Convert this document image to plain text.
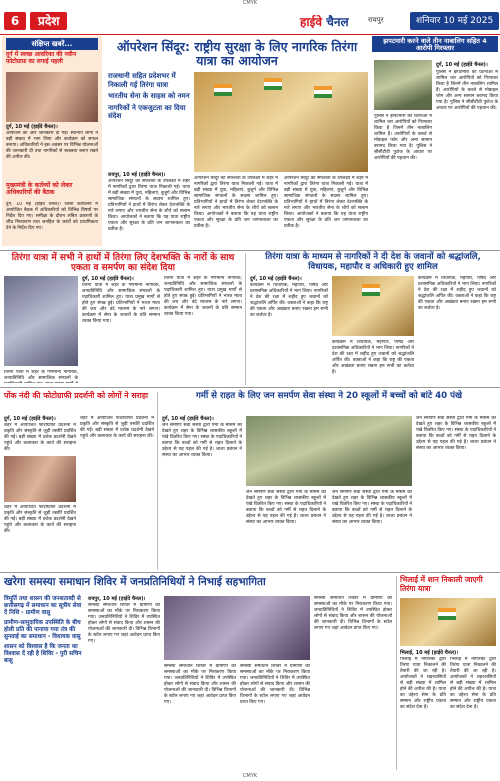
CMYK
6	प्रदेश	हाईवे चैनल	रायपुर	शनिवार 10 मई 2025
संक्षिप्त खबरें...
दुर्ग में स्वच्छ आवरिका की नवीन फ़ोटोग्राफ़ का लगाई पहली
दुर्ग, 10 मई (हाईवे चैनल)।
आयोजन की ओर जानकारी दी गई। स्थानीय लोगों ने बड़ी संख्या में भाग लिया और कार्यक्रम को सफल बनाया। अधिकारियों ने इस अवसर पर विभिन्न योजनाओं की जानकारी दी तथा नागरिकों से स्वच्छता बनाए रखने की अपील की।
मुख्यमंत्री के कर्तव्यों को लेकर अधिकारियों की बैठक
दुर्ग, 10 मई (हाईवे चैनल)। जिला कार्यालय में आयोजित बैठक में अधिकारियों को विभिन्न विषयों पर निर्देश दिए गए। समीक्षा के दौरान लंबित प्रकरणों के शीघ्र निराकरण तथा जनहित के कार्यों को प्राथमिकता देने के निर्देश दिए गए।
ऑपरेशन सिंदूर: राष्ट्रीय सुरक्षा के लिए नागरिक तिरंगा यात्रा का आयोजन
राजधानी सहित प्रदेशभर में निकाली गई तिरंगा यात्रा
भारतीय सेना के साहस को नमन
नागरिकों ने एकजुटता का दिया संदेश
रायपुर, 10 मई (हाईवे चैनल)।
ऑपरेशन सिंदूर की सफलता के उपलक्ष्य में शहर में नागरिकों द्वारा तिरंगा यात्रा निकाली गई। यात्रा में बड़ी संख्या में युवा, महिलाएं, बुजुर्ग और विभिन्न सामाजिक संगठनों के सदस्य शामिल हुए। प्रतिभागियों ने हाथों में तिरंगा लेकर देशभक्ति के नारे लगाए और भारतीय सेना के शौर्य को सलाम किया। आयोजकों ने बताया कि यह यात्रा राष्ट्रीय एकता और सुरक्षा के प्रति जन जागरूकता का प्रतीक है।
ऑपरेशन सिंदूर की सफलता के उपलक्ष्य में शहर में नागरिकों द्वारा तिरंगा यात्रा निकाली गई। यात्रा में बड़ी संख्या में युवा, महिलाएं, बुजुर्ग और विभिन्न सामाजिक संगठनों के सदस्य शामिल हुए। प्रतिभागियों ने हाथों में तिरंगा लेकर देशभक्ति के नारे लगाए और भारतीय सेना के शौर्य को सलाम किया। आयोजकों ने बताया कि यह यात्रा राष्ट्रीय एकता और सुरक्षा के प्रति जन जागरूकता का प्रतीक है।
ऑपरेशन सिंदूर की सफलता के उपलक्ष्य में शहर में नागरिकों द्वारा तिरंगा यात्रा निकाली गई। यात्रा में बड़ी संख्या में युवा, महिलाएं, बुजुर्ग और विभिन्न सामाजिक संगठनों के सदस्य शामिल हुए। प्रतिभागियों ने हाथों में तिरंगा लेकर देशभक्ति के नारे लगाए और भारतीय सेना के शौर्य को सलाम किया। आयोजकों ने बताया कि यह यात्रा राष्ट्रीय एकता और सुरक्षा के प्रति जन जागरूकता का प्रतीक है।
झपटमारी करने वाले तीन नाबालिग सहित 4 आरोपी गिरफ्तार
दुर्ग, 10 मई (हाईवे चैनल)।
पुलिस ने झपटमारी की घटनाओं में शामिल चार आरोपियों को गिरफ्तार किया है जिनमें तीन नाबालिग शामिल हैं। आरोपियों के कब्जे से मोबाइल फोन और अन्य सामान बरामद किया गया है। पुलिस ने सीसीटीवी फुटेज के आधार पर आरोपियों की पहचान की।
पुलिस ने झपटमारी की घटनाओं में शामिल चार आरोपियों को गिरफ्तार किया है जिनमें तीन नाबालिग शामिल हैं। आरोपियों के कब्जे से मोबाइल फोन और अन्य सामान बरामद किया गया है। पुलिस ने सीसीटीवी फुटेज के आधार पर आरोपियों की पहचान की।
तिरंगा यात्रा में सभी ने हाथों में तिरंगा लिए देशभक्ति के नारों के साथ एकता व समर्पण का संदेश दिया
दुर्ग, 10 मई (हाईवे चैनल)।
तिरंगा यात्रा में शहर के गणमान्य नागरिक, जनप्रतिनिधि और सामाजिक संगठनों के पदाधिकारी शामिल हुए। यात्रा प्रमुख मार्गों से होते हुए संपन्न हुई। प्रतिभागियों ने भारत माता की जय और वंदे मातरम के नारे लगाए। कार्यक्रम में सेना के जवानों के प्रति सम्मान व्यक्त किया गया।
तिरंगा यात्रा में शहर के गणमान्य नागरिक, जनप्रतिनिधि और सामाजिक संगठनों के पदाधिकारी शामिल हुए। यात्रा प्रमुख मार्गों से होते हुए संपन्न हुई। प्रतिभागियों ने भारत माता की जय और वंदे मातरम के नारे लगाए। कार्यक्रम में सेना के जवानों के प्रति सम्मान व्यक्त किया गया।
तिरंगा यात्रा में शहर के गणमान्य नागरिक, जनप्रतिनिधि और सामाजिक संगठनों के
तिरंगा यात्रा के माध्यम से नागरिकों ने दी देश के जवानों को श्रद्धांजलि, विधायक, महापौर व अधिकारी हुए शामिल
दुर्ग, 10 मई (हाईवे चैनल)।
कार्यक्रम में विधायक, महापौर, पार्षद और प्रशासनिक अधिकारियों ने भाग लिया। नागरिकों ने देश की रक्षा में शहीद हुए जवानों को श्रद्धांजलि अर्पित की। वक्ताओं ने कहा कि राष्ट्र की एकता और अखंडता बनाए रखना हम सभी का कर्तव्य है।
कार्यक्रम में विधायक, महापौर, पार्षद और प्रशासनिक अधिकारियों ने भाग लिया। नागरिकों ने देश की रक्षा में शहीद हुए जवानों को श्रद्धांजलि अर्पित की। वक्ताओं ने कहा कि राष्ट्र की एकता और अखंडता बनाए रखना हम सभी का कर्तव्य है।
कार्यक्रम में विधायक, महापौर, पार्षद और प्रशासनिक अधिकारियों ने भाग लिया। नागरिकों ने देश की रक्षा में शहीद हुए जवानों को श्रद्धांजलि अर्पित की। वक्ताओं ने कहा कि राष्ट्र की एकता और अखंडता बनाए रखना हम सभी का कर्तव्य है।
पोंक नंदी की फोटोग्राफी प्रदर्शनी को लोगों ने सराहा
दुर्ग, 10 मई (हाईवे चैनल)।
शहर में आयोजित फोटोग्राफी प्रदर्शनी में प्रकृति और संस्कृति से जुड़ी तस्वीरें प्रदर्शित की गईं। बड़ी संख्या में दर्शक प्रदर्शनी देखने पहुंचे और कलाकार के कार्य की सराहना की।
शहर में आयोजित फोटोग्राफी प्रदर्शनी में प्रकृति और संस्कृति से जुड़ी तस्वीरें प्रदर्शित की गईं। बड़ी संख्या में दर्शक प्रदर्शनी देखने पहुंचे और कलाकार के कार्य की सराहना की।
शहर में आयोजित फोटोग्राफी प्रदर्शनी में प्रकृति और संस्कृति से जुड़ी तस्वीरें प्रदर्शित की गईं। बड़ी संख्या में दर्शक प्रदर्शनी देखने पहुंचे और कलाकार के कार्य की सराहना की।
गर्मी से राहत के लिए जन समर्पण सेवा संस्था ने 20 स्कूलों में बच्चों को बांटे 40 पंखे
दुर्ग, 10 मई (हाईवे चैनल)।
जन समर्पण सेवा संस्था द्वारा गर्मी के मौसम को देखते हुए शहर के विभिन्न शासकीय स्कूलों में पंखे वितरित किए गए। संस्था के पदाधिकारियों ने बताया कि बच्चों को गर्मी से राहत दिलाने के उद्देश्य से यह पहल की गई है। शाला प्रबंधन ने संस्था का आभार व्यक्त किया।
जन समर्पण सेवा संस्था द्वारा गर्मी के मौसम को देखते हुए शहर के विभिन्न शासकीय स्कूलों में पंखे वितरित किए गए। संस्था के पदाधिकारियों ने बताया कि बच्चों को गर्मी से राहत दिलाने के उद्देश्य से यह पहल की गई है। शाला प्रबंधन ने संस्था का आभार व्यक्त किया।
जन समर्पण सेवा संस्था द्वारा गर्मी के मौसम को देखते हुए शहर के विभिन्न शासकीय स्कूलों में पंखे वितरित किए गए। संस्था के पदाधिकारियों ने बताया कि बच्चों को गर्मी से राहत दिलाने के उद्देश्य से यह पहल की गई है। शाला प्रबंधन ने संस्था का आभार व्यक्त किया।
जन समर्पण सेवा संस्था द्वारा गर्मी के मौसम को देखते हुए शहर के विभिन्न शासकीय स्कूलों में पंखे वितरित किए गए। संस्था के पदाधिकारियों ने बताया कि बच्चों को गर्मी से राहत दिलाने के उद्देश्य से यह पहल की गई है। शाला प्रबंधन ने संस्था का आभार व्यक्त किया।
खरेगा समस्या समाधान शिविर में जनप्रतिनिधियों ने निभाई सहभागिता
त्रिमूर्ति तथा शासन की जनशताब्दी से छत्तीसगढ़ में समाधान का सूत्रीय सेवा दें निशि - ग्रामीण वासु
ग्रामीण-सामुदायिक उपस्थिति के बीच होली प्रति की पानाया गया तंत्र की सुनवाई का समाधान - विधायक वासु
शासन को विश्वास है कि जनता का विश्वास दें रही है शिविर - पुरी सचिन बासु
रायपुर, 10 मई (हाईवे चैनल)।
समस्या समाधान शिविर में ग्रामीणों की समस्याओं का मौके पर निराकरण किया गया। जनप्रतिनिधियों ने शिविर में उपस्थित होकर लोगों से संवाद किया और शासन की योजनाओं की जानकारी दी। विभिन्न विभागों के स्टॉल लगाए गए जहां आवेदन प्राप्त किए गए।
समस्या समाधान शिविर में ग्रामीणों की समस्याओं का मौके पर निराकरण किया गया। जनप्रतिनिधियों ने शिविर में उपस्थित होकर लोगों से संवाद किया और शासन की योजनाओं की जानकारी दी। विभिन्न विभागों के स्टॉल लगाए गए जहां आवेदन प्राप्त किए गए।
समस्या समाधान शिविर में ग्रामीणों की समस्याओं का मौके पर निराकरण किया गया। जनप्रतिनिधियों ने शिविर में उपस्थित होकर लोगों से संवाद किया और शासन की योजनाओं की जानकारी दी। विभिन्न विभागों के स्टॉल लगाए गए जहां आवेदन प्राप्त किए गए।
समस्या समाधान शिविर में ग्रामीणों की समस्याओं का मौके पर निराकरण किया गया। जनप्रतिनिधियों ने शिविर में उपस्थित होकर लोगों से संवाद किया और शासन की योजनाओं की जानकारी दी। विभिन्न विभागों के स्टॉल लगाए गए जहां आवेदन प्राप्त किए गए।
भिलाई में शान निकाली जाएगी तिरंगा यात्रा
भिलाई, 10 मई (हाईवे चैनल)।
भिलाई में नागरिकों द्वारा तिरंगा यात्रा निकालने की तैयारी की जा रही है। आयोजकों ने शहरवासियों से बड़ी संख्या में शामिल होने की अपील की है। यात्रा का उद्देश्य सेना के प्रति सम्मान और राष्ट्रीय एकता का संदेश देना है।
भिलाई में नागरिकों द्वारा तिरंगा यात्रा निकालने की तैयारी की जा रही है। आयोजकों ने शहरवासियों से बड़ी संख्या में शामिल होने की अपील की है। यात्रा का उद्देश्य सेना के प्रति सम्मान और राष्ट्रीय एकता का संदेश देना है।
CMYK
